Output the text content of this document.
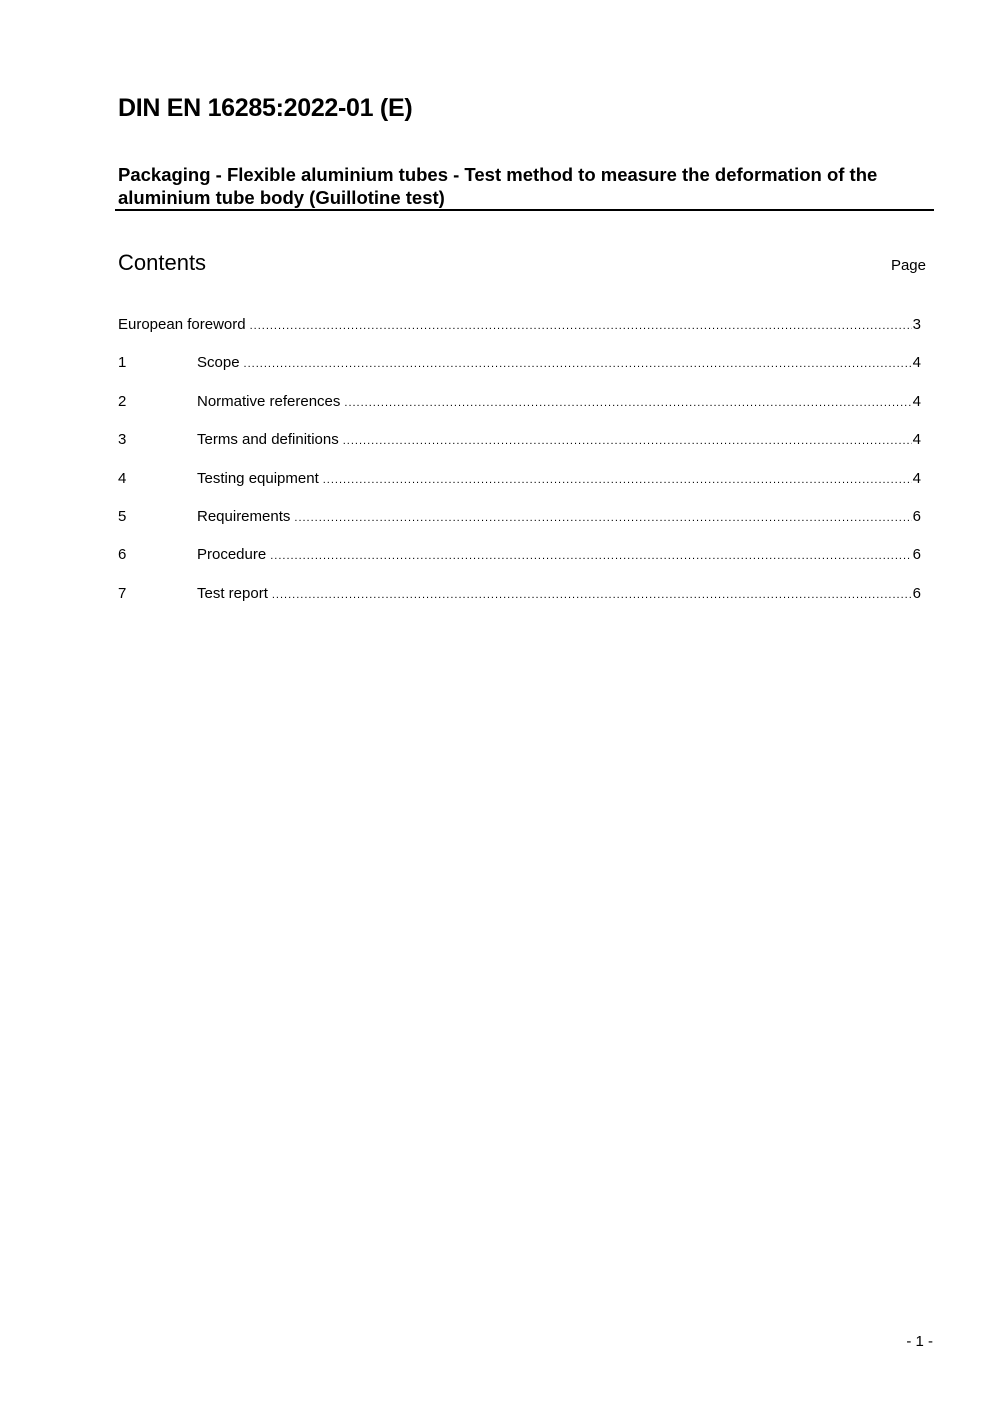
DIN EN 16285:2022-01 (E)
Packaging - Flexible aluminium tubes - Test method to measure the deformation of the aluminium tube body (Guillotine test)
Contents	Page
European foreword .....	3
1	Scope .....	4
2	Normative references .....	4
3	Terms and definitions .....	4
4	Testing equipment .....	4
5	Requirements .....	6
6	Procedure .....	6
7	Test report .....	6
- 1 -
